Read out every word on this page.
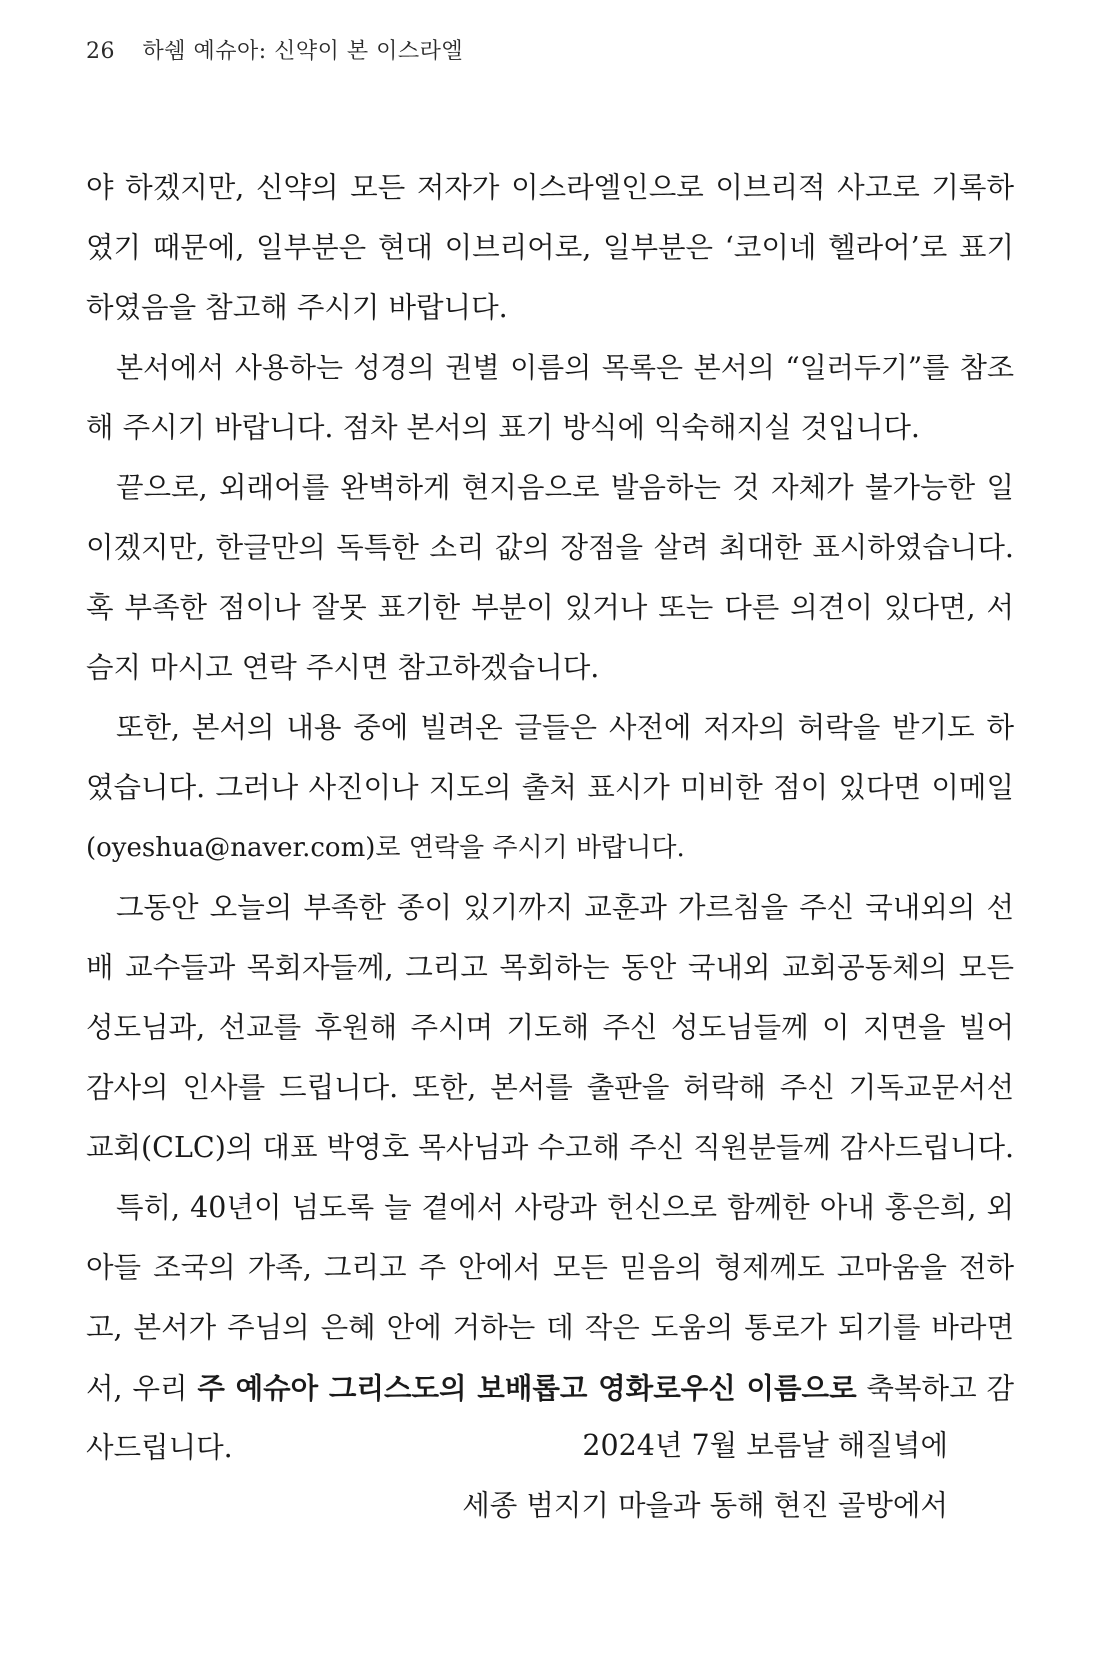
26 하쉠 예슈아: 신약이 본 이스라엘
야 하겠지만, 신약의 모든 저자가 이스라엘인으로 이브리적 사고로 기록하
였기 때문에, 일부분은 현대 이브리어로, 일부분은 ‘코이네 헬라어’로 표기
하였음을 참고해 주시기 바랍니다.
본서에서 사용하는 성경의 권별 이름의 목록은 본서의 “일러두기”를 참조
해 주시기 바랍니다. 점차 본서의 표기 방식에 익숙해지실 것입니다.
끝으로, 외래어를 완벽하게 현지음으로 발음하는 것 자체가 불가능한 일
이겠지만, 한글만의 독특한 소리 값의 장점을 살려 최대한 표시하였습니다.
혹 부족한 점이나 잘못 표기한 부분이 있거나 또는 다른 의견이 있다면, 서
슴지 마시고 연락 주시면 참고하겠습니다.
또한, 본서의 내용 중에 빌려온 글들은 사전에 저자의 허락을 받기도 하
였습니다. 그러나 사진이나 지도의 출처 표시가 미비한 점이 있다면 이메일
(oyeshua@naver.com)로 연락을 주시기 바랍니다.
그동안 오늘의 부족한 종이 있기까지 교훈과 가르침을 주신 국내외의 선
배 교수들과 목회자들께, 그리고 목회하는 동안 국내외 교회공동체의 모든
성도님과, 선교를 후원해 주시며 기도해 주신 성도님들께 이 지면을 빌어
감사의 인사를 드립니다. 또한, 본서를 출판을 허락해 주신 기독교문서선
교회(CLC)의 대표 박영호 목사님과 수고해 주신 직원분들께 감사드립니다.
특히, 40년이 넘도록 늘 곁에서 사랑과 헌신으로 함께한 아내 홍은희, 외
아들 조국의 가족, 그리고 주 안에서 모든 믿음의 형제께도 고마움을 전하
고, 본서가 주님의 은혜 안에 거하는 데 작은 도움의 통로가 되기를 바라면
서, 우리 주 예슈아 그리스도의 보배롭고 영화로우신 이름으로 축복하고 감
사드립니다.	2024년 7월 보름날 해질녘에
세종 범지기 마을과 동해 현진 골방에서
